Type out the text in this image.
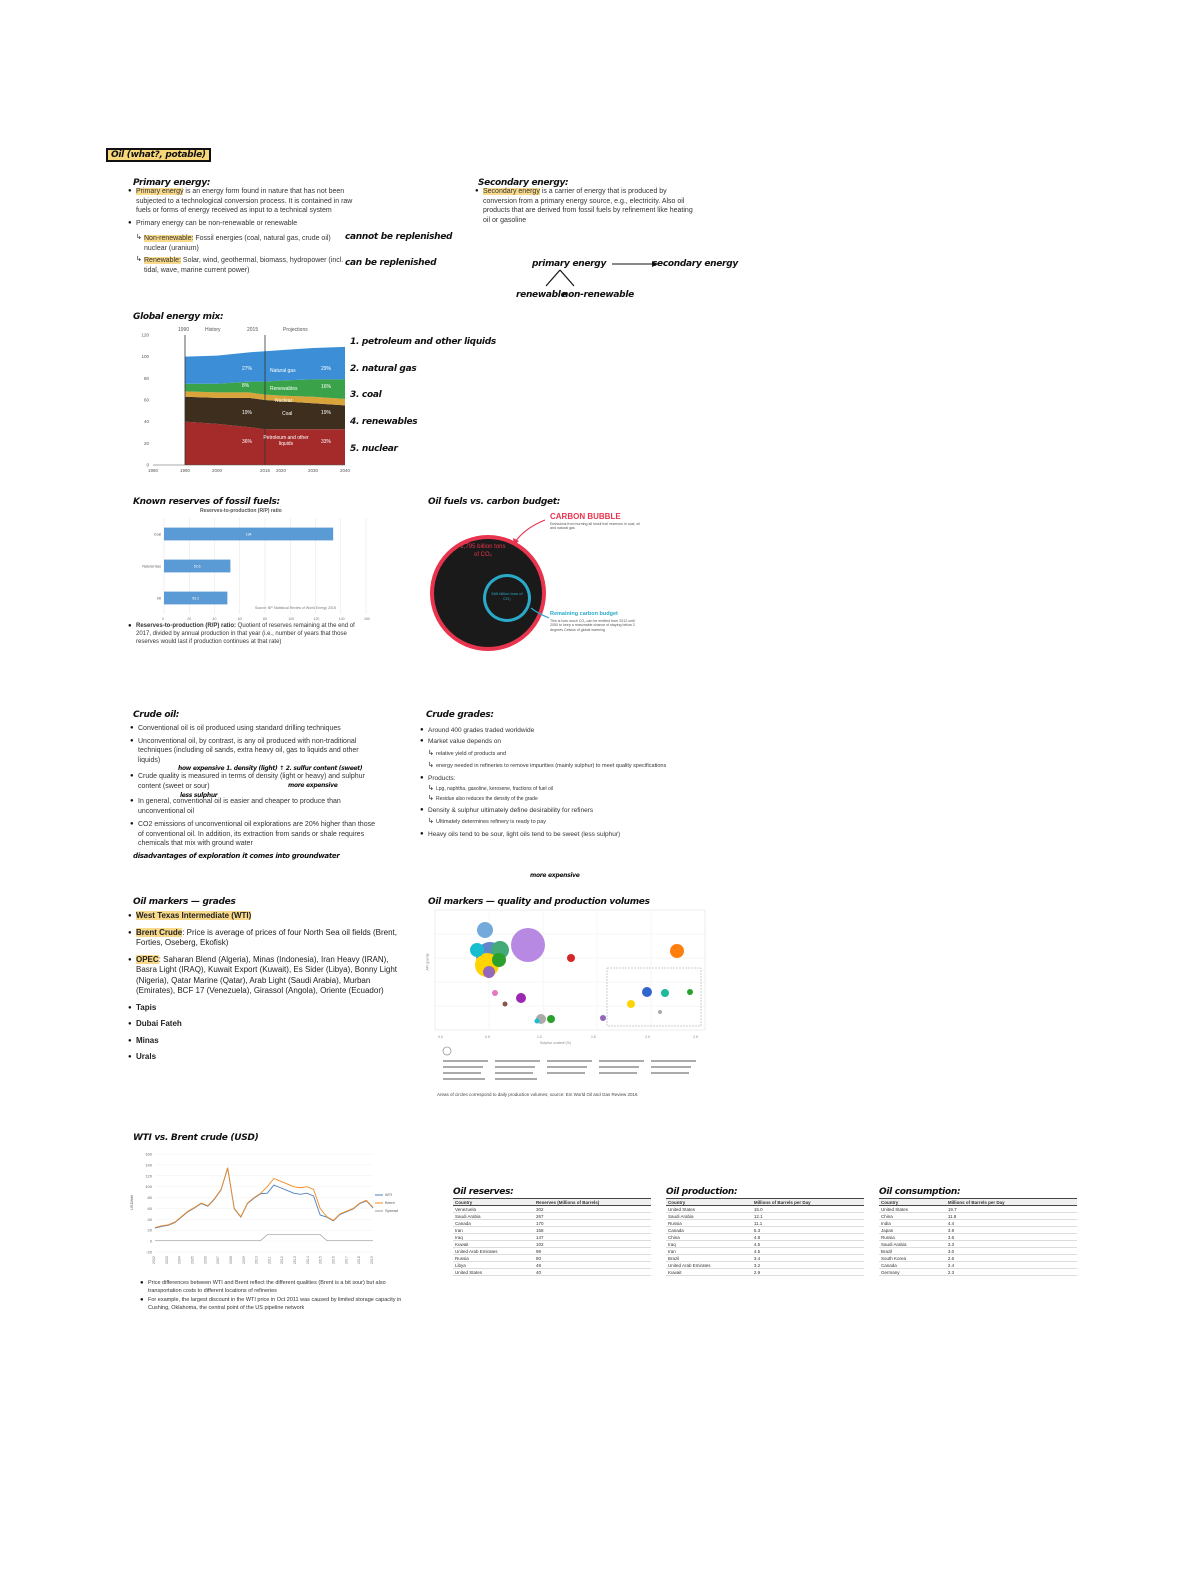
Oil (what?, potable)
Primary energy:

● Primary energy is an energy form found in nature that has not been subjected to a technological conversion process. It is contained in raw fuels or forms of energy received as input to a technical system

● Primary energy can be non-renewable or renewable

↳ Non-renewable: Fossil energies (coal, natural gas, crude oil) nuclear (uranium)

↳ Renewable: Solar, wind, geothermal, biomass, hydropower (incl. tidal, wave, marine current power)

cannot be replenished
can be replenished
Secondary energy:

● Secondary energy is a carrier of energy that is produced by conversion from a primary energy source, e.g., electricity. Also oil products that are derived from fossil fuels by refinement like heating oil or gasoline

primary energy	secondary energy
renewable
non-renewable
Global energy mix:
0
20
40
60
80
100
120
1980	1990	2000	2015 2020	2030	2040
25%
7%
40%
27%
8%
19%
36%
29%
16%
19%
33%
1990	History	2015	Projections
Natural gas
Renewables
Nuclear
Coal
Petroleum and other liquids
1. petroleum and other liquids
2. natural gas
3. coal
4. renewables
5. nuclear
Known reserves of fossil fuels:
0	20	40	60	80	100	120	140	160
Coal	134
Natural Gas	52.6
Oil	50.2
Reserves-to-production (R/P) ratio
Source: BP Statistical Review of World Energy 2018

● Reserves-to-production (R/P) ratio: Quotient of reserves remaining at the end of 2017, divided by annual production in that year (i.e., number of years that those reserves would last if production continues at that rate)

Oil fuels vs. carbon budget:
CARBON BUBBLE
Emissions from burning all fossil fuel reserves in coal, oil and natural gas
2,795 billion tons of CO₂
565 billion tons of CO₂
Remaining carbon budget
This is how much CO₂ can be emitted from 2012 until 2050 to keep a reasonable chance of staying below 2 degrees Celsius of global warming
Crude oil:

● Conventional oil is oil produced using standard drilling techniques

● Unconventional oil, by contrast, is any oil produced with non-traditional techniques (including oil sands, extra heavy oil, gas to liquids and other liquids)

● Crude quality is measured in terms of density (light or heavy) and sulphur content (sweet or sour)

● In general, conventional oil is easier and cheaper to produce than unconventional oil

● CO2 emissions of unconventional oil explorations are 20% higher than those of conventional oil. In addition, its extraction from sands or shale requires chemicals that mix with ground water

how expensive 1. density (light) ↑ 2. sulfur content (sweet)
more expensive
less sulphur
disadvantages of exploration it comes into groundwater
Crude grades:

● Around 400 grades traded worldwide

● Market value depends on

↳ relative yield of products and

↳ energy needed in refineries to remove impurities (mainly sulphur) to meet quality specifications

● Products:

↳ Lpg, naphtha, gasoline, kerosene, fractions of fuel oil

↳ Residue also reduces the density of the grade

● Density & sulphur ultimately define desirability for refiners

↳ Ultimately determines refinery is ready to pay

● Heavy oils tend to be sour, light oils tend to be sweet (less sulphur)

more expensive
Oil markers — grades

● West Texas Intermediate (WTI)

● Brent Crude: Price is average of prices of four North Sea oil fields (Brent, Forties, Oseberg, Ekofisk)

● OPEC: Saharan Blend (Algeria), Minas (Indonesia), Iran Heavy (IRAN), Basra Light (IRAQ), Kuwait Export (Kuwait), Es Sider (Libya), Bonny Light (Nigeria), Qatar Marine (Qatar), Arab Light (Saudi Arabia), Murban (Emirates), BCF 17 (Venezuela), Girassol (Angola), Oriente (Ecuador)

● Tapis

● Dubai Fateh

● Minas

● Urals

Oil markers — quality and production volumes
0.0	0.5	1.0	1.5	2.0	2.5
Sulphur content (%)
API gravity
Areas of circles correspond to daily production volumes; source: Eni World Oil and Gas Review 2016
WTI vs. Brent crude (USD)
-20
0
20
40
60
80
100
120
140
160
2002	2003	2004	2005	2006	2007	2008	2009	2010	2011	2012	2013	2014	2015	2016	2017	2018	2019
USD/bbl
WTI
Brent
Spread

● Price differences between WTI and Brent reflect the different qualities (Brent is a bit sour) but also transportation costs to different locations of refineries

● For example, the largest discount in the WTI price in Oct 2011 was caused by limited storage capacity in Cushing, Oklahoma, the central point of the US pipeline network

Oil reserves:
Country	Reserves (Millions of Barrels)
Venezuela	302
Saudi Arabia	267
Canada	170
Iran	158
Iraq	147
Kuwait	102
United Arab Emirates	98
Russia	80
Libya	48
United States	40
Oil production:
Country	Millions of Barrels per Day
United States	15.0
Saudi Arabia	12.1
Russia	11.1
Canada	5.3
China	4.8
Iraq	4.5
Iran	4.5
Brazil	3.4
United Arab Emirates	3.2
Kuwait	2.9
Oil consumption:
Country	Millions of Barrels per Day
United States	19.7
China	11.8
India	4.4
Japan	3.9
Russia	3.6
Saudi Arabia	3.3
Brazil	3.0
South Korea	2.6
Canada	2.4
Germany	2.3
